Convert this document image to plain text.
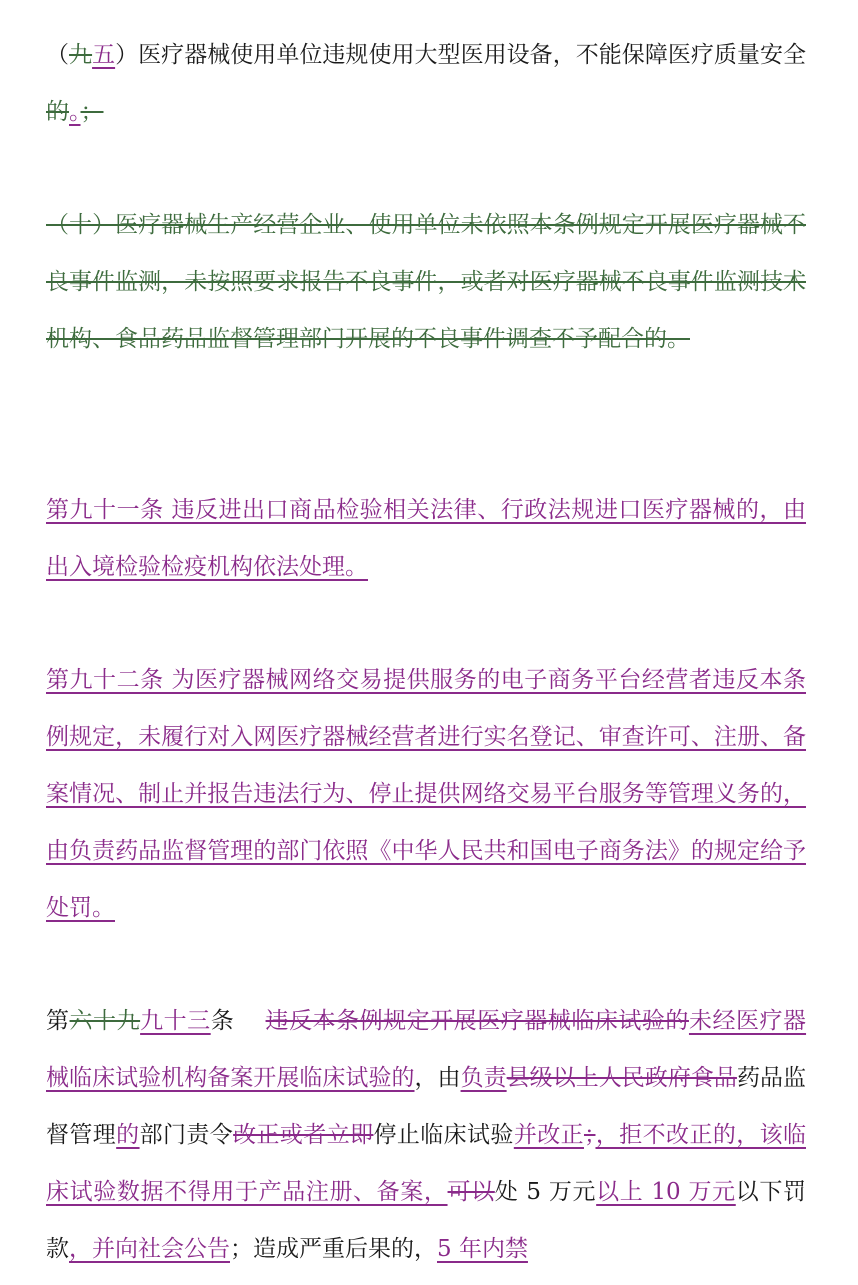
（九五）医疗器械使用单位违规使用大型医用设备，不能保障医疗质量安全的。；

（十）医疗器械生产经营企业、使用单位未依照本条例规定开展医疗器械不良事件监测，未按照要求报告不良事件，或者对医疗器械不良事件监测技术机构、食品药品监督管理部门开展的不良事件调查不予配合的。

第九十一条 违反进出口商品检验相关法律、行政法规进口医疗器械的，由出入境检验检疫机构依法处理。

第九十二条 为医疗器械网络交易提供服务的电子商务平台经营者违反本条例规定，未履行对入网医疗器械经营者进行实名登记、审查许可、注册、备案情况、制止并报告违法行为、停止提供网络交易平台服务等管理义务的，由负责药品监督管理的部门依照《中华人民共和国电子商务法》的规定给予处罚。

第六十九九十三条    违反本条例规定开展医疗器械临床试验的未经医疗器械临床试验机构备案开展临床试验的，由负责县级以上人民政府食品药品监督管理的部门责令改正或者立即停止临床试验并改正；，拒不改正的，该临床试验数据不得用于产品注册、备案，可以处 5 万元以上 10 万元以下罚款，并向社会公告；造成严重后果的，5 年内禁
